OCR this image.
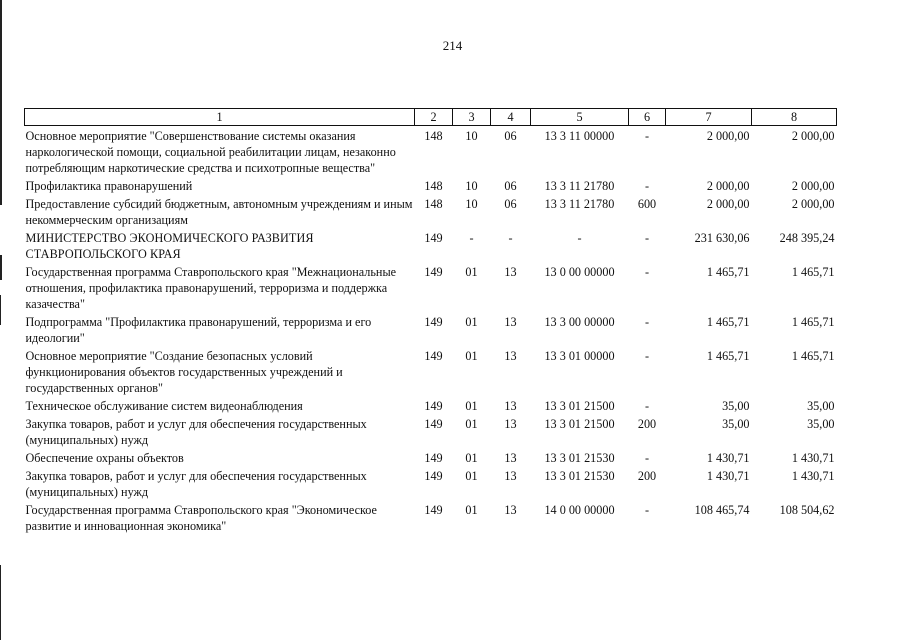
214
1	2	3	4	5	6	7	8
Основное мероприятие "Совершенствование системы оказания наркологической помощи, социальной реабилитации лицам, незаконно потребляющим наркотические средства и психотропные вещества"	148	10	06	13 3 11 00000	-	2 000,00	2 000,00
Профилактика правонарушений	148	10	06	13 3 11 21780	-	2 000,00	2 000,00
Предоставление субсидий бюджетным, автономным учреждениям и иным некоммерческим организациям	148	10	06	13 3 11 21780	600	2 000,00	2 000,00
МИНИСТЕРСТВО ЭКОНОМИЧЕСКОГО РАЗВИТИЯ СТАВРОПОЛЬСКОГО КРАЯ	149	-	-	-	-	231 630,06	248 395,24
Государственная программа Ставропольского края "Межнациональные отношения, профилактика правонарушений, терроризма и поддержка казачества"	149	01	13	13 0 00 00000	-	1 465,71	1 465,71
Подпрограмма "Профилактика правонарушений, терроризма и его идеологии"	149	01	13	13 3 00 00000	-	1 465,71	1 465,71
Основное мероприятие "Создание безопасных условий функционирования объектов государственных учреждений и государственных органов"	149	01	13	13 3 01 00000	-	1 465,71	1 465,71
Техническое обслуживание систем видеонаблюдения	149	01	13	13 3 01 21500	-	35,00	35,00
Закупка товаров, работ и услуг для обеспечения государственных (муниципальных) нужд	149	01	13	13 3 01 21500	200	35,00	35,00
Обеспечение охраны объектов	149	01	13	13 3 01 21530	-	1 430,71	1 430,71
Закупка товаров, работ и услуг для обеспечения государственных (муниципальных) нужд	149	01	13	13 3 01 21530	200	1 430,71	1 430,71
Государственная программа Ставропольского края "Экономическое развитие и инновационная экономика"	149	01	13	14 0 00 00000	-	108 465,74	108 504,62
